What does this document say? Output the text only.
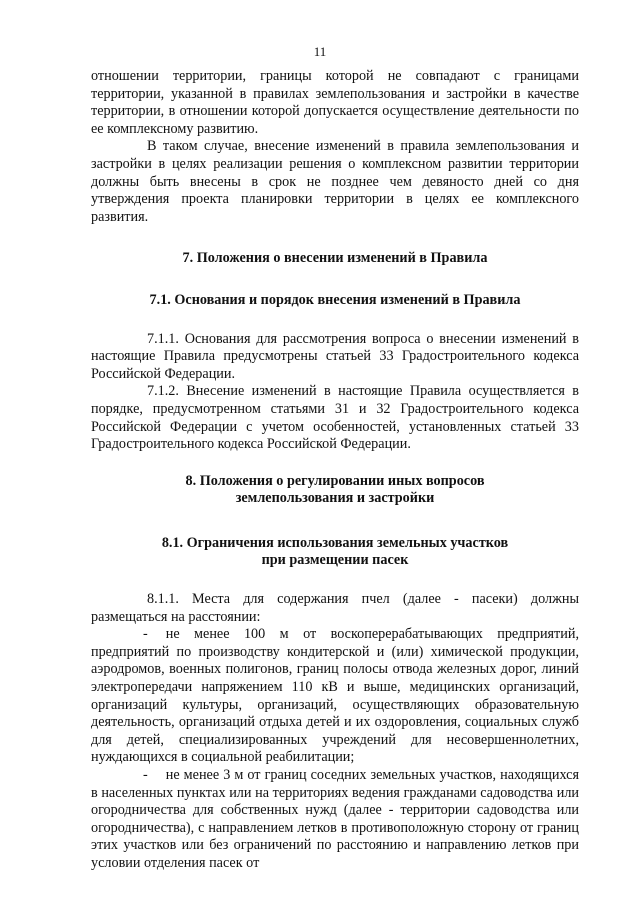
11

отношении территории, границы которой не совпадают с границами территории, указанной в правилах землепользования и застройки в качестве территории, в отношении которой допускается осуществление деятельности по ее комплексному развитию.

В таком случае, внесение изменений в правила землепользования и застройки в целях реализации решения о комплексном развитии территории должны быть внесены в срок не позднее чем девяносто дней со дня утверждения проекта планировки территории в целях ее комплексного развития.

7. Положения о внесении изменений в Правила

7.1. Основания и порядок внесения изменений в Правила

7.1.1. Основания для рассмотрения вопроса о внесении изменений в настоящие Правила предусмотрены статьей 33 Градостроительного кодекса Российской Федерации.

7.1.2. Внесение изменений в настоящие Правила осуществляется в порядке, предусмотренном статьями 31 и 32 Градостроительного кодекса Российской Федерации с учетом особенностей, установленных статьей 33 Градостроительного кодекса Российской Федерации.

8. Положения о регулировании иных вопросов
землепользования и застройки
8.1. Ограничения использования земельных участков
при размещении пасек

8.1.1. Места для содержания пчел (далее - пасеки) должны размещаться на расстоянии:

- не менее 100 м от воскоперерабатывающих предприятий, предприятий по производству кондитерской и (или) химической продукции, аэродромов, военных полигонов, границ полосы отвода железных дорог, линий электропередачи напряжением 110 кВ и выше, медицинских организаций, организаций культуры, организаций, осуществляющих образовательную деятельность, организаций отдыха детей и их оздоровления, социальных служб для детей, специализированных учреждений для несовершеннолетних, нуждающихся в социальной реабилитации;

- не менее 3 м от границ соседних земельных участков, находящихся в населенных пунктах или на территориях ведения гражданами садоводства или огородничества для собственных нужд (далее - территории садоводства или огородничества), с направлением летков в противоположную сторону от границ этих участков или без ограничений по расстоянию и направлению летков при условии отделения пасек от
